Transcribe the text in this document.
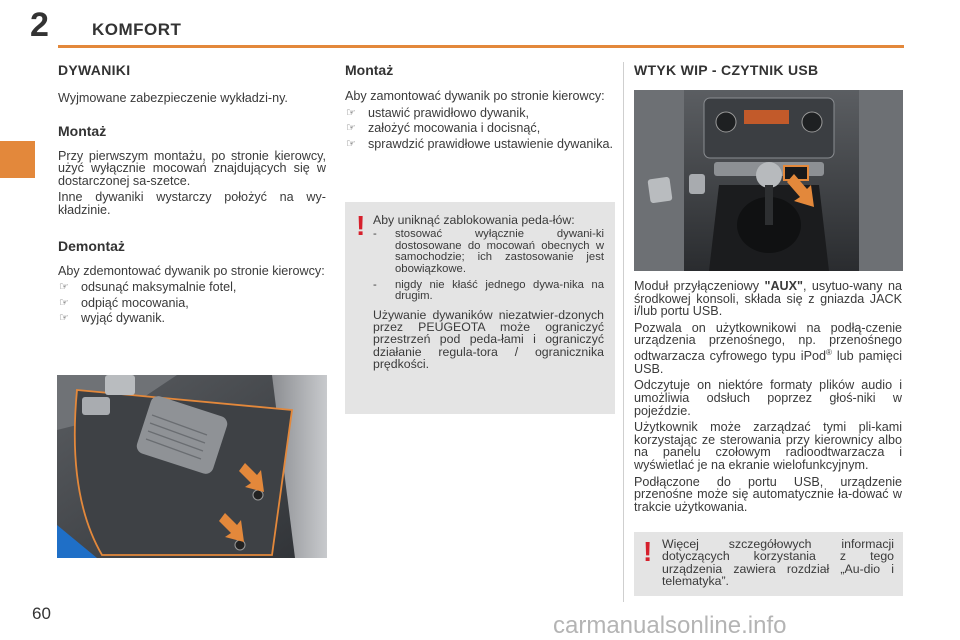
2	KOMFORT
DYWANIKI

Wyjmowane zabezpieczenie wykładzi-ny.

Montaż

Przy pierwszym montażu, po stronie kierowcy, użyć wyłącznie mocowań znajdujących się w dostarczonej sa-szetce.

Inne dywaniki wystarczy położyć na wy-kładzinie.

Demontaż

Aby zdemontować dywanik po stronie kierowcy:

☞ odsunąć maksymalnie fotel,
☞ odpiąć mocowania,
☞ wyjąć dywanik.
Montaż

Aby zamontować dywanik po stronie kierowcy:

☞ ustawić prawidłowo dywanik,
☞ założyć mocowania i docisnąć,
☞ sprawdzić prawidłowe ustawienie dywanika.
! Aby uniknąć zablokowania peda-łów:

- stosować wyłącznie dywani-ki dostosowane do mocowań obecnych w samochodzie; ich zastosowanie jest obowiązkowe.
- nigdy nie kłaść jednego dywa-nika na drugim.

Używanie dywaników niezatwier-dzonych przez PEUGEOTA może ograniczyć przestrzeń pod peda-łami i ograniczyć działanie regula-tora / ogranicznika prędkości.

WTYK WIP - CZYTNIK USB

Moduł przyłączeniowy "AUX", usytuo-wany na środkowej konsoli, składa się z gniazda JACK i/lub portu USB.

Pozwala on użytkownikowi na podłą-czenie urządzenia przenośnego, np. przenośnego odtwarzacza cyfrowego typu iPod® lub pamięci USB.

Odczytuje on niektóre formaty plików audio i umożliwia odsłuch poprzez głoś-niki w pojeździe.

Użytkownik może zarządzać tymi pli-kami korzystając ze sterowania przy kierownicy albo na panelu czołowym radioodtwarzacza i wyświetlać je na ekranie wielofunkcyjnym.

Podłączone do portu USB, urządzenie przenośne może się automatycznie ła-dować w trakcie użytkowania.

! Więcej szczegółowych informacji dotyczących korzystania z tego urządzenia zawiera rozdział „Au-dio i telematyka”.

60	carmanualsonline.info
